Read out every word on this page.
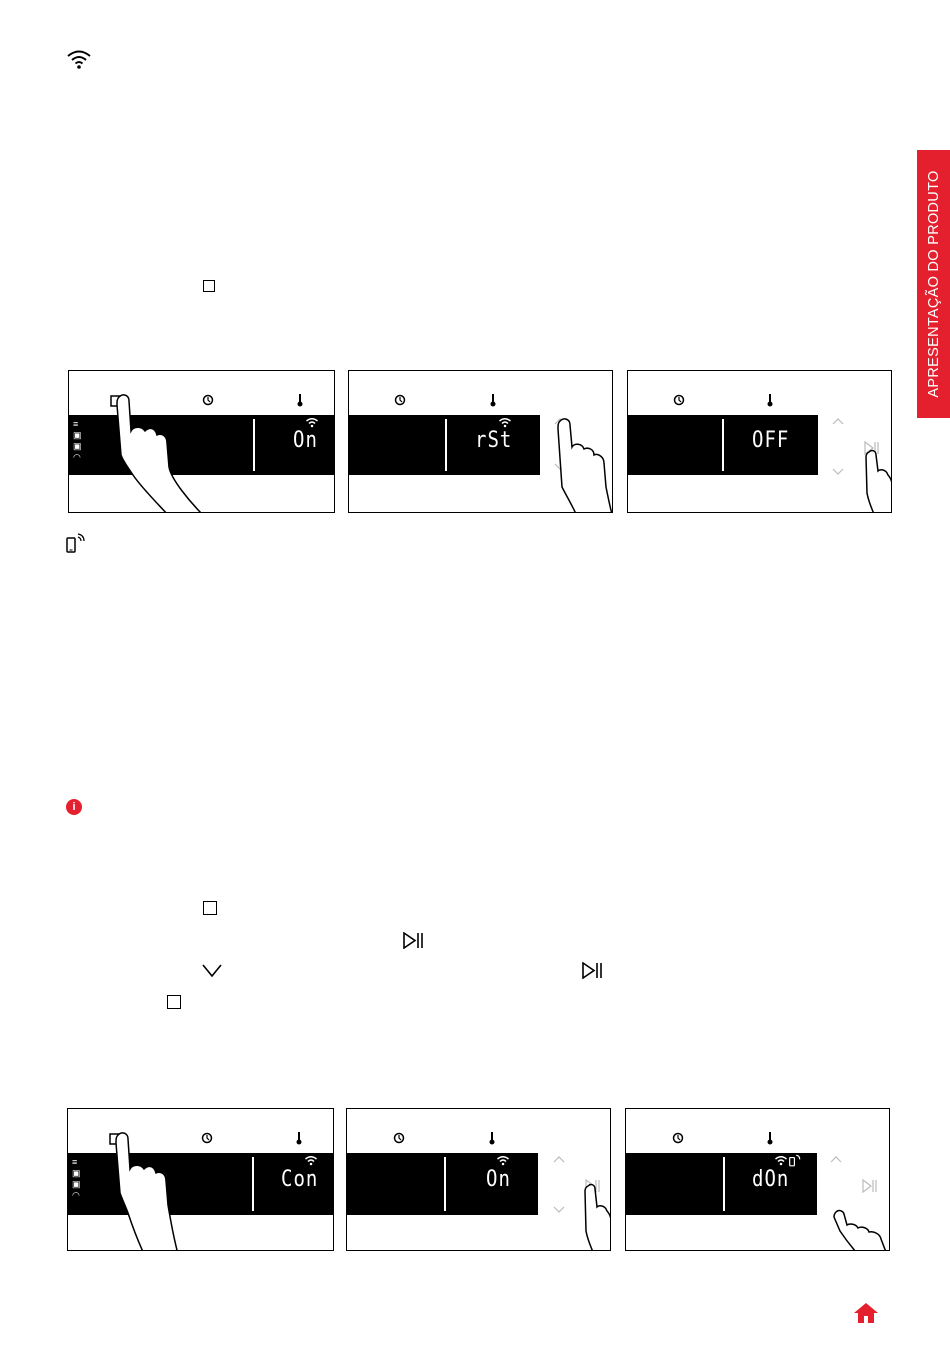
APRESENTAÇÃO DO PRODUTO
On
≡
▣
▣
◠
rSt	OFF
i
Con
≡
▣
▣
◠
On	dOn
